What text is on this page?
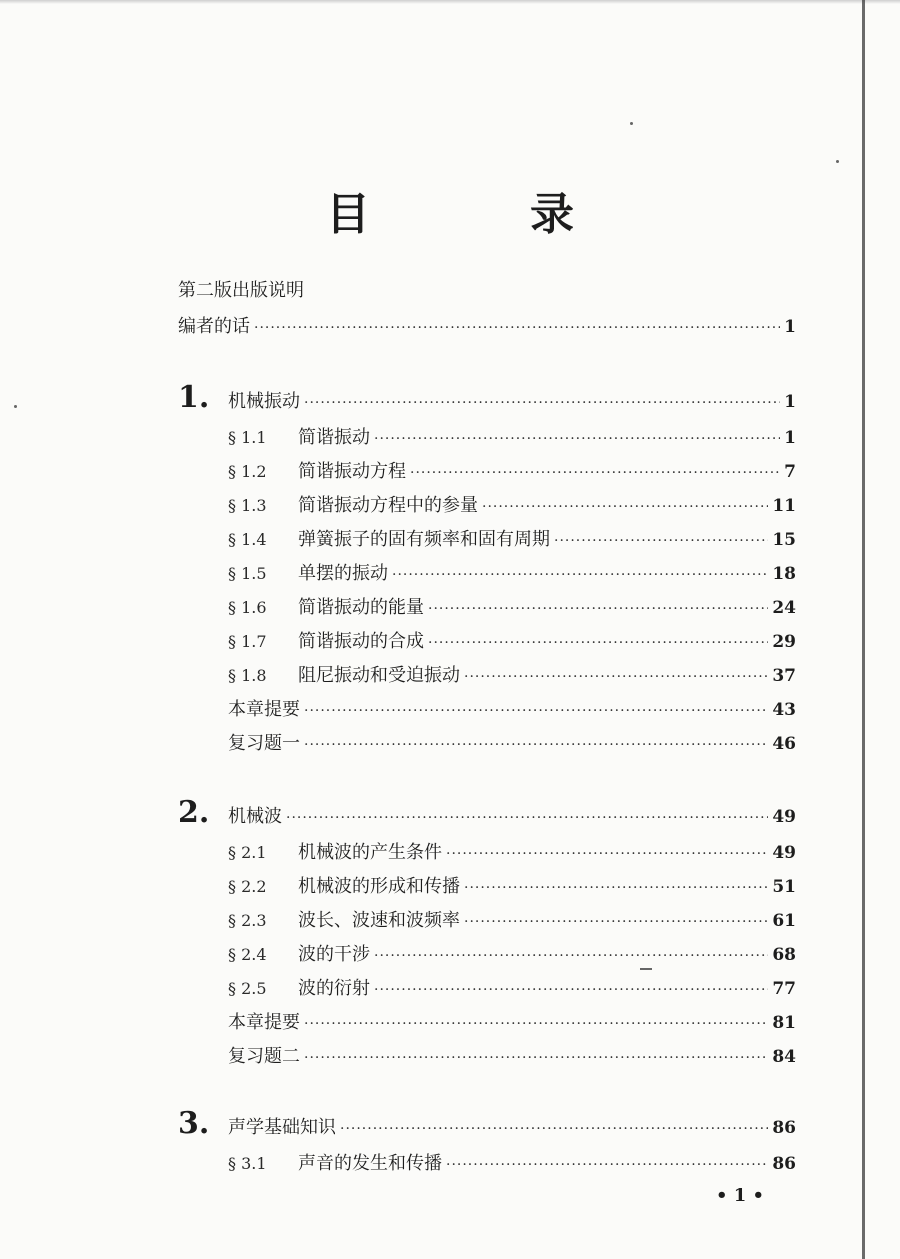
目　录
第二版出版说明
编者的话 ·····	1
1.	机械振动 ·····	1
§ 1.1	简谐振动 ·····	1
§ 1.2	简谐振动方程 ·····	7
§ 1.3	简谐振动方程中的参量 ·····	11
§ 1.4	弹簧振子的固有频率和固有周期 ·····	15
§ 1.5	单摆的振动 ·····	18
§ 1.6	简谐振动的能量 ·····	24
§ 1.7	简谐振动的合成 ·····	29
§ 1.8	阻尼振动和受迫振动 ·····	37
本章提要 ·····	43
复习题一 ·····	46
2.	机械波 ·····	49
§ 2.1	机械波的产生条件 ·····	49
§ 2.2	机械波的形成和传播 ·····	51
§ 2.3	波长、波速和波频率 ·····	61
§ 2.4	波的干涉 ·····	68
§ 2.5	波的衍射 ·····	77
本章提要 ·····	81
复习题二 ·····	84
3.	声学基础知识 ·····	86
§ 3.1	声音的发生和传播 ·····	86
• 1 •
